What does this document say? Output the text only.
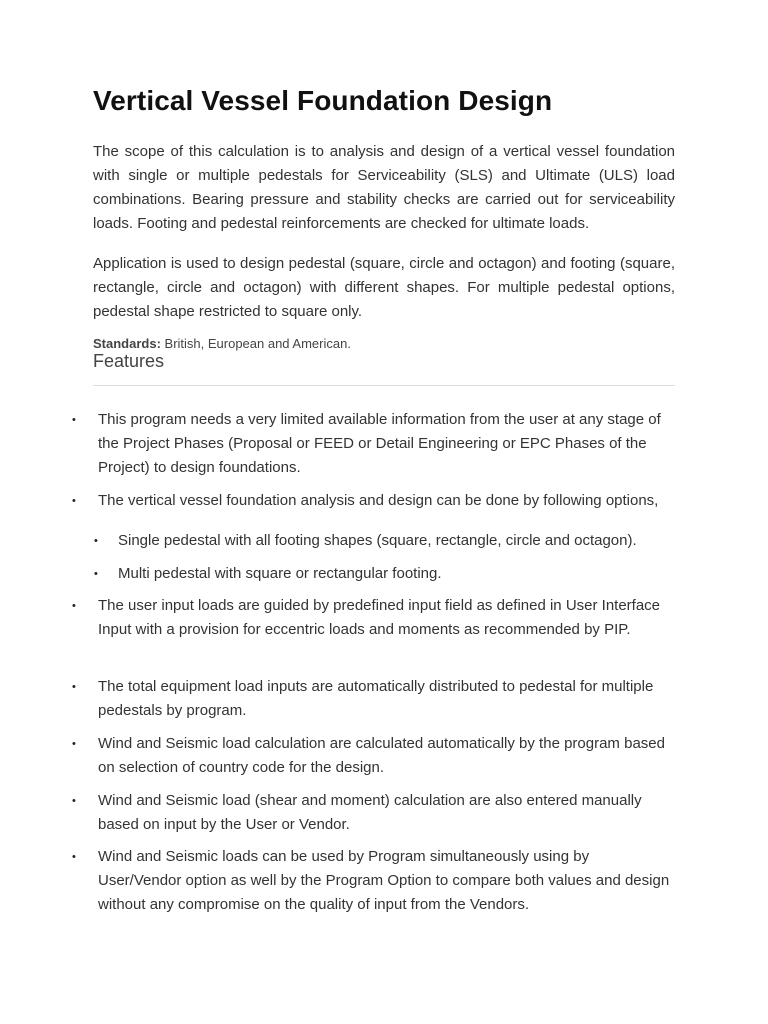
Vertical Vessel Foundation Design

The scope of this calculation is to analysis and design of a vertical vessel foundation with single or multiple pedestals for Serviceability (SLS) and Ultimate (ULS) load combinations. Bearing pressure and stability checks are carried out for serviceability loads. Footing and pedestal reinforcements are checked for ultimate loads.

Application is used to design pedestal (square, circle and octagon) and footing (square, rectangle, circle and octagon) with different shapes. For multiple pedestal options, pedestal shape restricted to square only.

Standards: British, European and American.
Features
• This program needs a very limited available information from the user at any stage of the Project Phases (Proposal or FEED or Detail Engineering or EPC Phases of the Project) to design foundations.
• The vertical vessel foundation analysis and design can be done by following options,
• Single pedestal with all footing shapes (square, rectangle, circle and octagon).
• Multi pedestal with square or rectangular footing.
• The user input loads are guided by predefined input field as defined in User Interface Input with a provision for eccentric loads and moments as recommended by PIP.
• The total equipment load inputs are automatically distributed to pedestal for multiple pedestals by program.
• Wind and Seismic load calculation are calculated automatically by the program based on selection of country code for the design.
• Wind and Seismic load (shear and moment) calculation are also entered manually based on input by the User or Vendor.
• Wind and Seismic loads can be used by Program simultaneously using by User/Vendor option as well by the Program Option to compare both values and design without any compromise on the quality of input from the Vendors.
